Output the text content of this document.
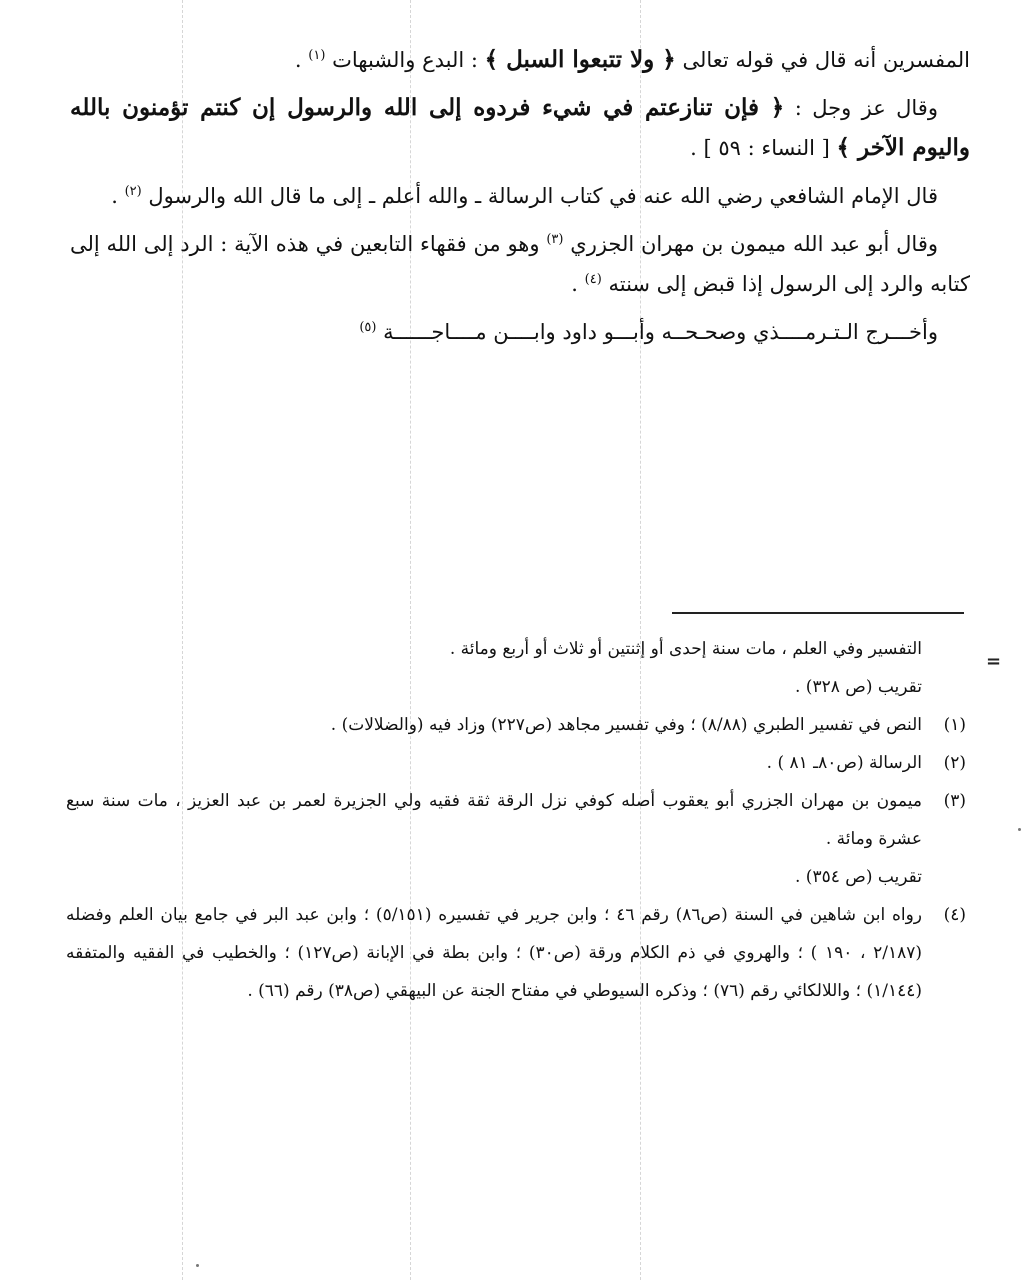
المفسرين أنه قال في قوله تعالى ﴿ ولا تتبعوا السبل ﴾ : البدع والشبهات $^{(١)}$ .

وقال عز وجل : ﴿ فإن تنازعتم في شيء فردوه إلى الله والرسول إن كنتم تؤمنون بالله واليوم الآخر ﴾ [ النساء : ٥٩ ] .

قال الإمام الشافعي رضي الله عنه في كتاب الرسالة ـ والله أعلم ـ إلى ما قال الله والرسول $^{(٢)}$ .

وقال أبو عبد الله ميمون بن مهران الجزري $^{(٣)}$ وهو من فقهاء التابعين في هذه الآية : الرد إلى الله إلى كتابه والرد إلى الرسول إذا قبض إلى سنته $^{(٤)}$ .

وأخـــرج الـتـرمــــذي وصحـحــه وأبـــو داود وابــــن مــــاجــــــة $^{(٥)}$

=

التفسير وفي العلم ، مات سنة إحدى أو إثنتين أو ثلاث أو أربع ومائة .

تقريب (ص ٣٢٨) .

(١)
النص في تفسير الطبري (٨/٨٨) ؛ وفي تفسير مجاهد (ص٢٢٧) وزاد فيه (والضلالات) .
(٢)
الرسالة (ص٨٠ـ ٨١ ) .
(٣)
ميمون بن مهران الجزري أبو يعقوب أصله كوفي نزل الرقة ثقة فقيه ولي الجزيرة لعمر بن عبد العزيز ، مات سنة سبع عشرة ومائة .

تقريب (ص ٣٥٤) .

(٤)
رواه ابن شاهين في السنة (ص٨٦) رقم ٤٦ ؛ وابن جرير في تفسيره (٥/١٥١) ؛ وابن عبد البر في جامع بيان العلم وفضله (٢/١٨٧ ، ١٩٠ ) ؛ والهروي في ذم الكلام ورقة (ص٣٠) ؛ وابن بطة في الإبانة (ص١٢٧) ؛ والخطيب في الفقيه والمتفقه (١/١٤٤) ؛ واللالكائي رقم (٧٦) ؛ وذكره السيوطي في مفتاح الجنة عن البيهقي (ص٣٨) رقم (٦٦) .
